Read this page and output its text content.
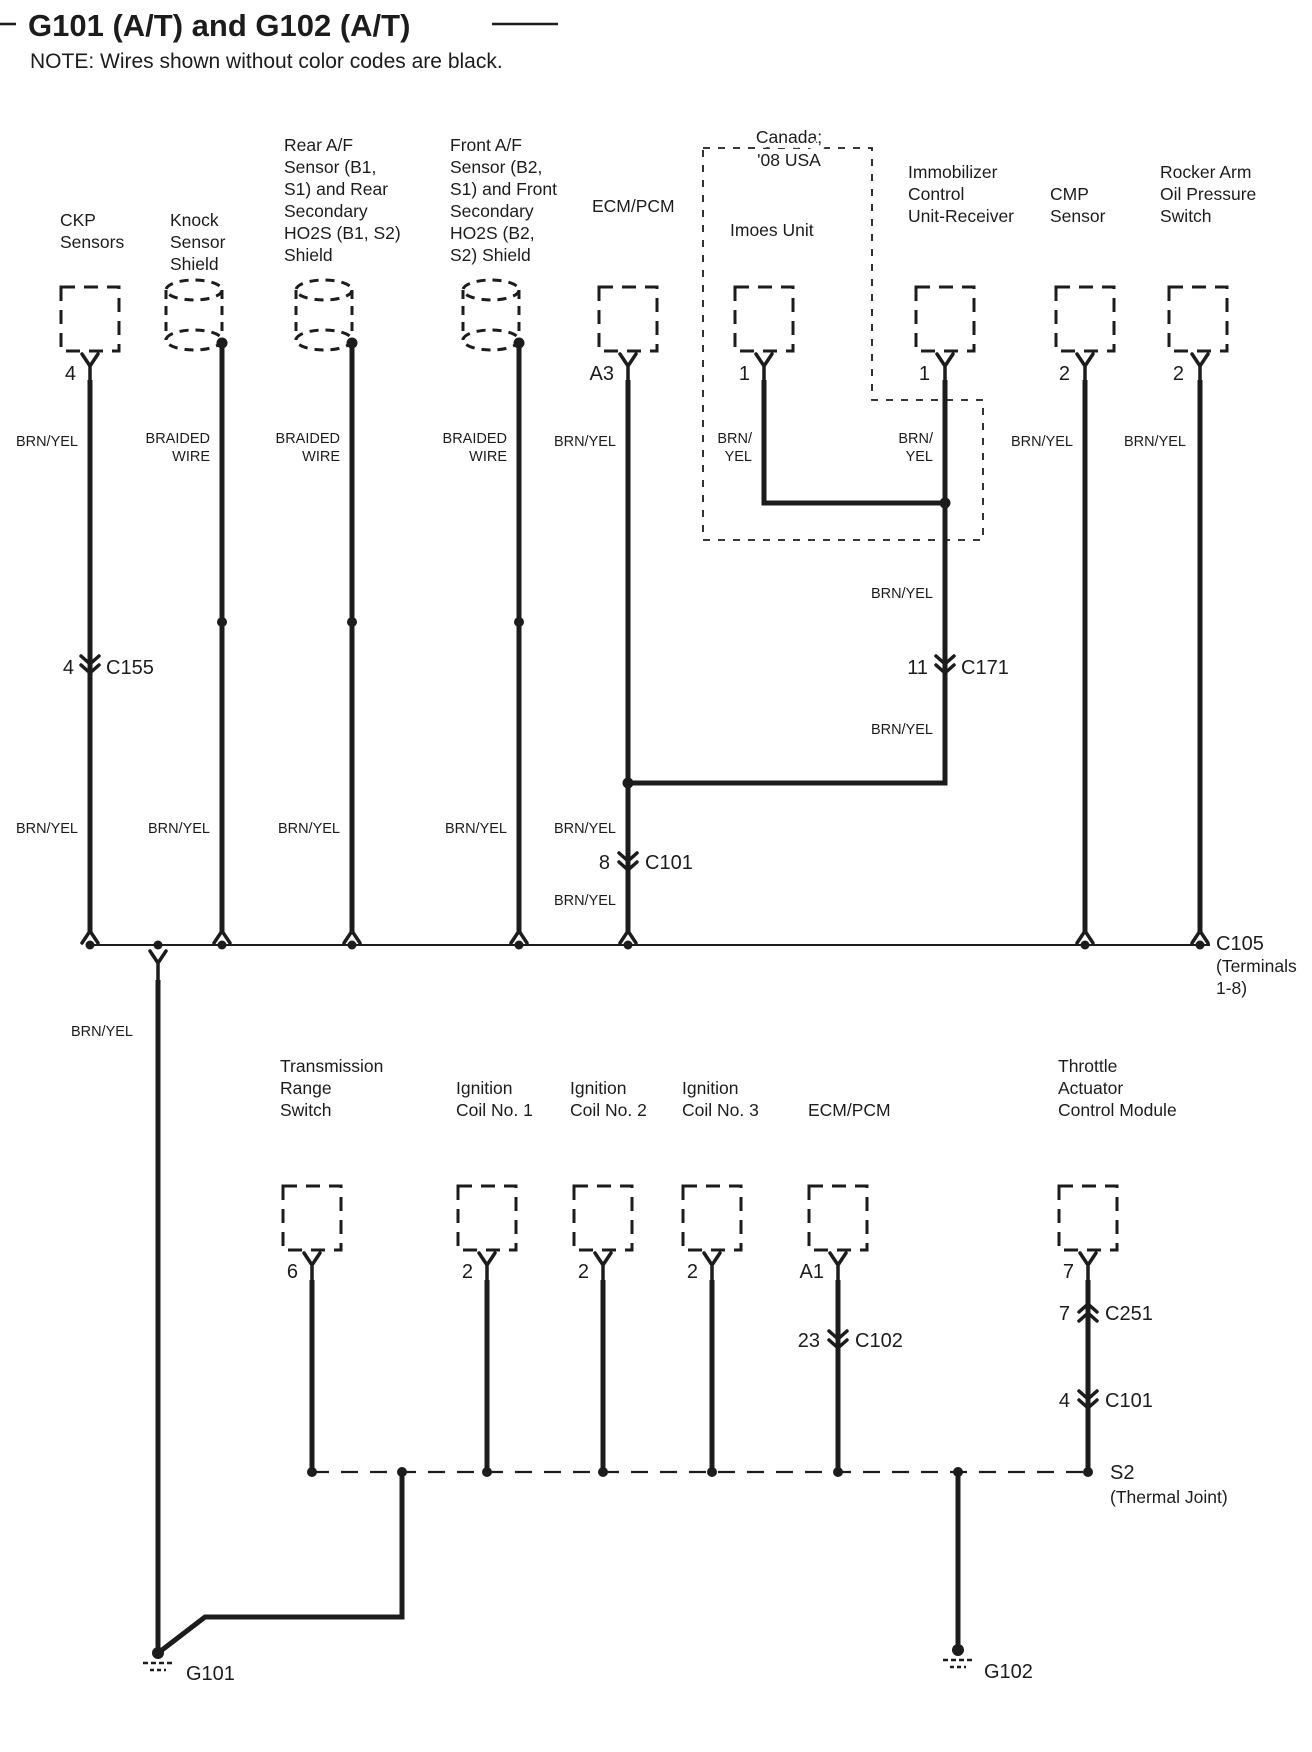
G101 (A/T) and G102 (A/T)
NOTE: Wires shown without color codes are black.
CKP
Sensors
Knock
Sensor
Shield
Rear A/F
Sensor (B1,
S1) and Rear
Secondary
HO2S (B1, S2)
Shield
Front A/F
Sensor (B2,
S1) and Front
Secondary
HO2S (B2,
S2) Shield
ECM/PCM
Canada;
'08 USA
Imoes Unit
Immobilizer
Control
Unit-Receiver
CMP
Sensor
Rocker Arm
Oil Pressure
Switch
4	A3	1	1	2	2
BRN/YEL	BRAIDED
WIRE
BRAIDED
WIRE
BRAIDED
WIRE
BRN/YEL	BRN/
YEL
BRN/
YEL
BRN/YEL	BRN/YEL
4 C155
BRN/YEL
11 C171
BRN/YEL
BRN/YEL	BRN/YEL	BRN/YEL	BRN/YEL	BRN/YEL
8 C101
BRN/YEL
C105
(Terminals
1-8)
BRN/YEL
Transmission
Range
Switch
Ignition
Coil No. 1
Ignition
Coil No. 2
Ignition
Coil No. 3	ECM/PCM
Throttle
Actuator
Control Module
6	2	2	2	A1	7
23 C102
7 C251
4 C101
S2
(Thermal Joint)
G101	G102
